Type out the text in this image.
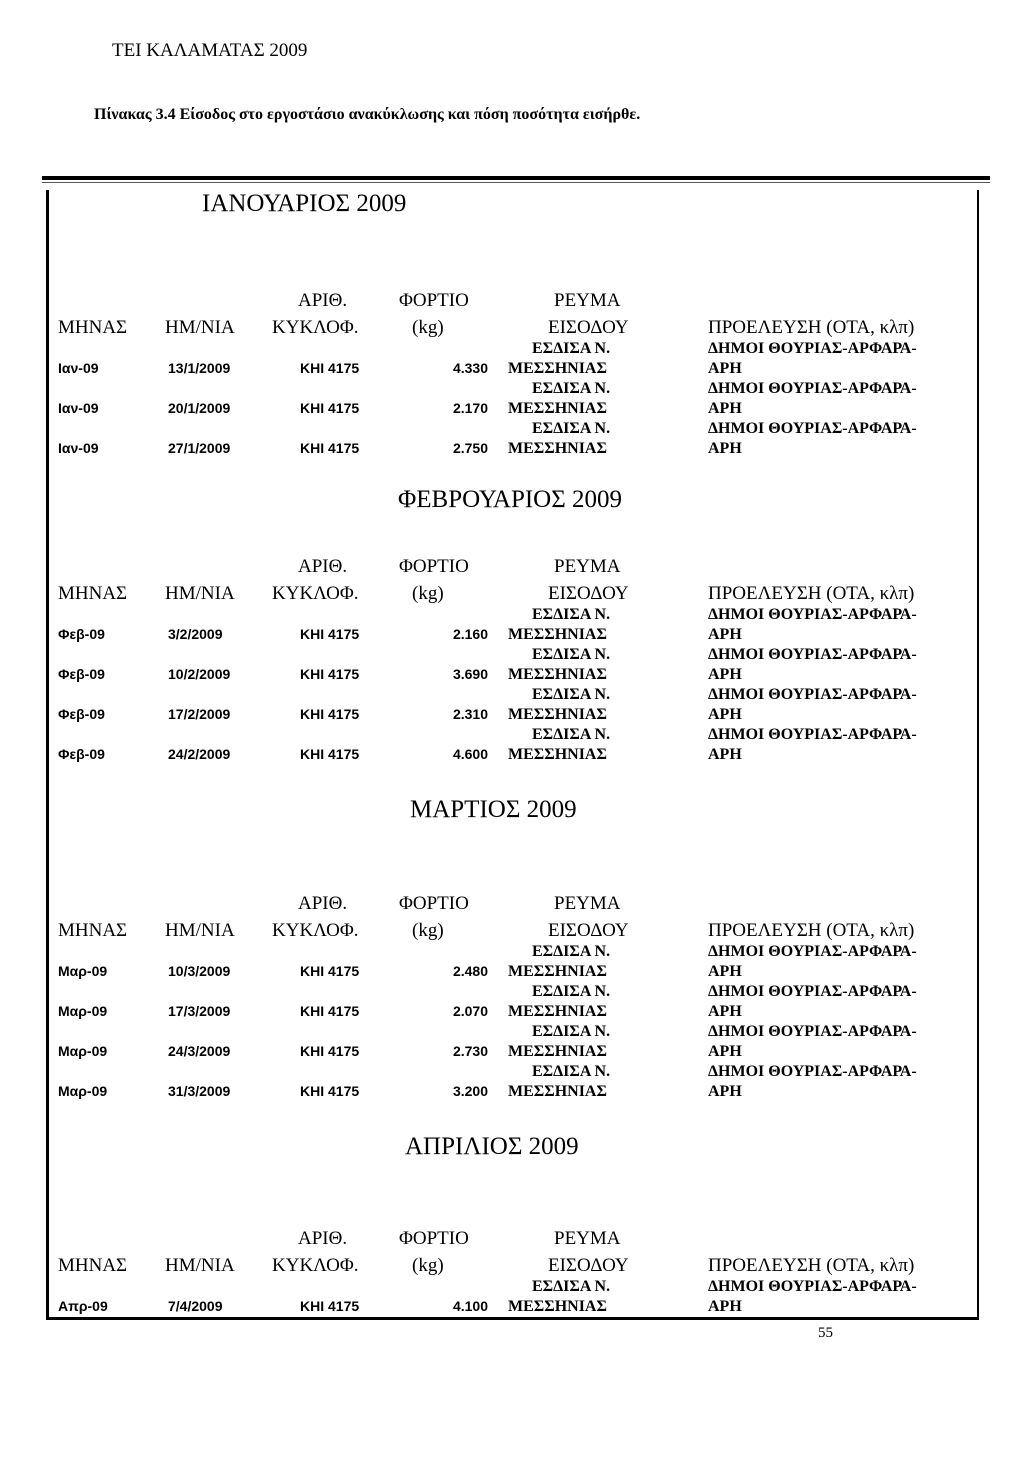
ΤΕΙ ΚΑΛΑΜΑΤΑΣ 2009
Πίνακας 3.4 Είσοδος στο εργοστάσιο ανακύκλωσης και πόση ποσότητα εισήρθε.
ΙΑΝΟΥΑΡΙΟΣ 2009
ΑΡΙΘ.	ΦΟΡΤΙΟ	ΡΕΥΜΑ
ΜΗΝΑΣ ΗΜ/ΝΙΑ ΚΥΚΛΟΦ.	(kg)	ΕΙΣΟΔΟΥ	ΠΡΟΕΛΕΥΣΗ (ΟΤΑ, κλπ)
ΕΣΔΙΣΑ Ν.	ΔΗΜΟΙ ΘΟΥΡΙΑΣ-ΑΡΦΑΡΑ-
Ιαν-09	13/1/2009	ΚΗΙ 4175	4.330 ΜΕΣΣΗΝΙΑΣ	ΑΡΗ
ΕΣΔΙΣΑ Ν.	ΔΗΜΟΙ ΘΟΥΡΙΑΣ-ΑΡΦΑΡΑ-
Ιαν-09	20/1/2009	ΚΗΙ 4175	2.170 ΜΕΣΣΗΝΙΑΣ	ΑΡΗ
ΕΣΔΙΣΑ Ν.	ΔΗΜΟΙ ΘΟΥΡΙΑΣ-ΑΡΦΑΡΑ-
Ιαν-09	27/1/2009	ΚΗΙ 4175	2.750 ΜΕΣΣΗΝΙΑΣ	ΑΡΗ
ΦΕΒΡΟΥΑΡΙΟΣ 2009
ΑΡΙΘ.	ΦΟΡΤΙΟ	ΡΕΥΜΑ
ΜΗΝΑΣ ΗΜ/ΝΙΑ ΚΥΚΛΟΦ.	(kg)	ΕΙΣΟΔΟΥ	ΠΡΟΕΛΕΥΣΗ (ΟΤΑ, κλπ)
ΕΣΔΙΣΑ Ν.	ΔΗΜΟΙ ΘΟΥΡΙΑΣ-ΑΡΦΑΡΑ-
Φεβ-09	3/2/2009	ΚΗΙ 4175	2.160 ΜΕΣΣΗΝΙΑΣ	ΑΡΗ
ΕΣΔΙΣΑ Ν.	ΔΗΜΟΙ ΘΟΥΡΙΑΣ-ΑΡΦΑΡΑ-
Φεβ-09	10/2/2009	ΚΗΙ 4175	3.690 ΜΕΣΣΗΝΙΑΣ	ΑΡΗ
ΕΣΔΙΣΑ Ν.	ΔΗΜΟΙ ΘΟΥΡΙΑΣ-ΑΡΦΑΡΑ-
Φεβ-09	17/2/2009	ΚΗΙ 4175	2.310 ΜΕΣΣΗΝΙΑΣ	ΑΡΗ
ΕΣΔΙΣΑ Ν.	ΔΗΜΟΙ ΘΟΥΡΙΑΣ-ΑΡΦΑΡΑ-
Φεβ-09	24/2/2009	ΚΗΙ 4175	4.600 ΜΕΣΣΗΝΙΑΣ	ΑΡΗ
ΜΑΡΤΙΟΣ 2009
ΑΡΙΘ.	ΦΟΡΤΙΟ	ΡΕΥΜΑ
ΜΗΝΑΣ ΗΜ/ΝΙΑ ΚΥΚΛΟΦ.	(kg)	ΕΙΣΟΔΟΥ	ΠΡΟΕΛΕΥΣΗ (ΟΤΑ, κλπ)
ΕΣΔΙΣΑ Ν.	ΔΗΜΟΙ ΘΟΥΡΙΑΣ-ΑΡΦΑΡΑ-
Μαρ-09	10/3/2009	ΚΗΙ 4175	2.480 ΜΕΣΣΗΝΙΑΣ	ΑΡΗ
ΕΣΔΙΣΑ Ν.	ΔΗΜΟΙ ΘΟΥΡΙΑΣ-ΑΡΦΑΡΑ-
Μαρ-09	17/3/2009	ΚΗΙ 4175	2.070 ΜΕΣΣΗΝΙΑΣ	ΑΡΗ
ΕΣΔΙΣΑ Ν.	ΔΗΜΟΙ ΘΟΥΡΙΑΣ-ΑΡΦΑΡΑ-
Μαρ-09	24/3/2009	ΚΗΙ 4175	2.730 ΜΕΣΣΗΝΙΑΣ	ΑΡΗ
ΕΣΔΙΣΑ Ν.	ΔΗΜΟΙ ΘΟΥΡΙΑΣ-ΑΡΦΑΡΑ-
Μαρ-09	31/3/2009	ΚΗΙ 4175	3.200 ΜΕΣΣΗΝΙΑΣ	ΑΡΗ
ΑΠΡΙΛΙΟΣ 2009
ΑΡΙΘ.	ΦΟΡΤΙΟ	ΡΕΥΜΑ
ΜΗΝΑΣ ΗΜ/ΝΙΑ ΚΥΚΛΟΦ.	(kg)	ΕΙΣΟΔΟΥ	ΠΡΟΕΛΕΥΣΗ (ΟΤΑ, κλπ)
ΕΣΔΙΣΑ Ν.	ΔΗΜΟΙ ΘΟΥΡΙΑΣ-ΑΡΦΑΡΑ-
Απρ-09	7/4/2009	ΚΗΙ 4175	4.100 ΜΕΣΣΗΝΙΑΣ	ΑΡΗ
55
